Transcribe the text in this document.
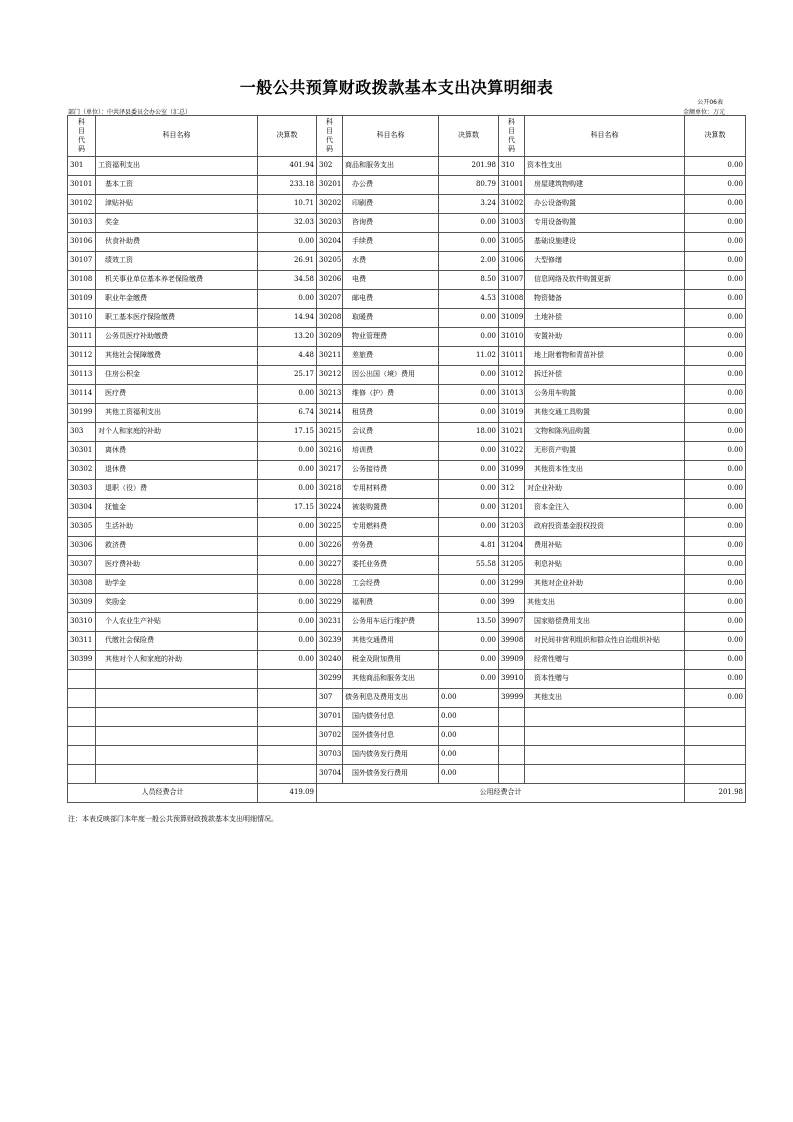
一般公共预算财政拨款基本支出决算明细表
公开06表
部门（单位）：中共泽县委员会办公室（汇总）	金额单位：万元
科
目
代
码	科目名称	决算数	科
目
代
码	科目名称	决算数	科
目
代
码	科目名称	决算数
301	工资福利支出	401.94	302	商品和服务支出	201.98	310	资本性支出	0.00
30101	基本工资	233.18	30201	办公费	80.79	31001	房屋建筑物购建	0.00
30102	津贴补贴	10.71	30202	印刷费	3.24	31002	办公设备购置	0.00
30103	奖金	32.03	30203	咨询费	0.00	31003	专用设备购置	0.00
30106	伙食补助费	0.00	30204	手续费	0.00	31005	基础设施建设	0.00
30107	绩效工资	26.91	30205	水费	2.00	31006	大型修缮	0.00
30108	机关事业单位基本养老保险缴费	34.58	30206	电费	8.50	31007	信息网络及软件购置更新	0.00
30109	职业年金缴费	0.00	30207	邮电费	4.53	31008	物资储备	0.00
30110	职工基本医疗保险缴费	14.94	30208	取暖费	0.00	31009	土地补偿	0.00
30111	公务员医疗补助缴费	13.20	30209	物业管理费	0.00	31010	安置补助	0.00
30112	其他社会保障缴费	4.48	30211	差旅费	11.02	31011	地上附着物和青苗补偿	0.00
30113	住房公积金	25.17	30212	因公出国（境）费用	0.00	31012	拆迁补偿	0.00
30114	医疗费	0.00	30213	维修（护）费	0.00	31013	公务用车购置	0.00
30199	其他工资福利支出	6.74	30214	租赁费	0.00	31019	其他交通工具购置	0.00
303	对个人和家庭的补助	17.15	30215	会议费	18.00	31021	文物和陈列品购置	0.00
30301	离休费	0.00	30216	培训费	0.00	31022	无形资产购置	0.00
30302	退休费	0.00	30217	公务接待费	0.00	31099	其他资本性支出	0.00
30303	退职（役）费	0.00	30218	专用材料费	0.00	312	对企业补助	0.00
30304	抚恤金	17.15	30224	被装购置费	0.00	31201	资本金注入	0.00
30305	生活补助	0.00	30225	专用燃料费	0.00	31203	政府投资基金股权投资	0.00
30306	救济费	0.00	30226	劳务费	4.81	31204	费用补贴	0.00
30307	医疗费补助	0.00	30227	委托业务费	55.58	31205	利息补贴	0.00
30308	助学金	0.00	30228	工会经费	0.00	31299	其他对企业补助	0.00
30309	奖励金	0.00	30229	福利费	0.00	399	其他支出	0.00
30310	个人农业生产补贴	0.00	30231	公务用车运行维护费	13.50	39907	国家赔偿费用支出	0.00
30311	代缴社会保险费	0.00	30239	其他交通费用	0.00	39908	对民间非营利组织和群众性自治组织补贴	0.00
30399	其他对个人和家庭的补助	0.00	30240	税金及附加费用	0.00	39909	经常性赠与	0.00
			30299	其他商品和服务支出	0.00	39910	资本性赠与	0.00
			307	债务利息及费用支出	0.00	39999	其他支出	0.00
			30701	国内债务付息	0.00			
			30702	国外债务付息	0.00			
			30703	国内债务发行费用	0.00			
			30704	国外债务发行费用	0.00			
人员经费合计		419.09	公用经费合计					201.98
注：本表反映部门本年度一般公共预算财政拨款基本支出明细情况。
